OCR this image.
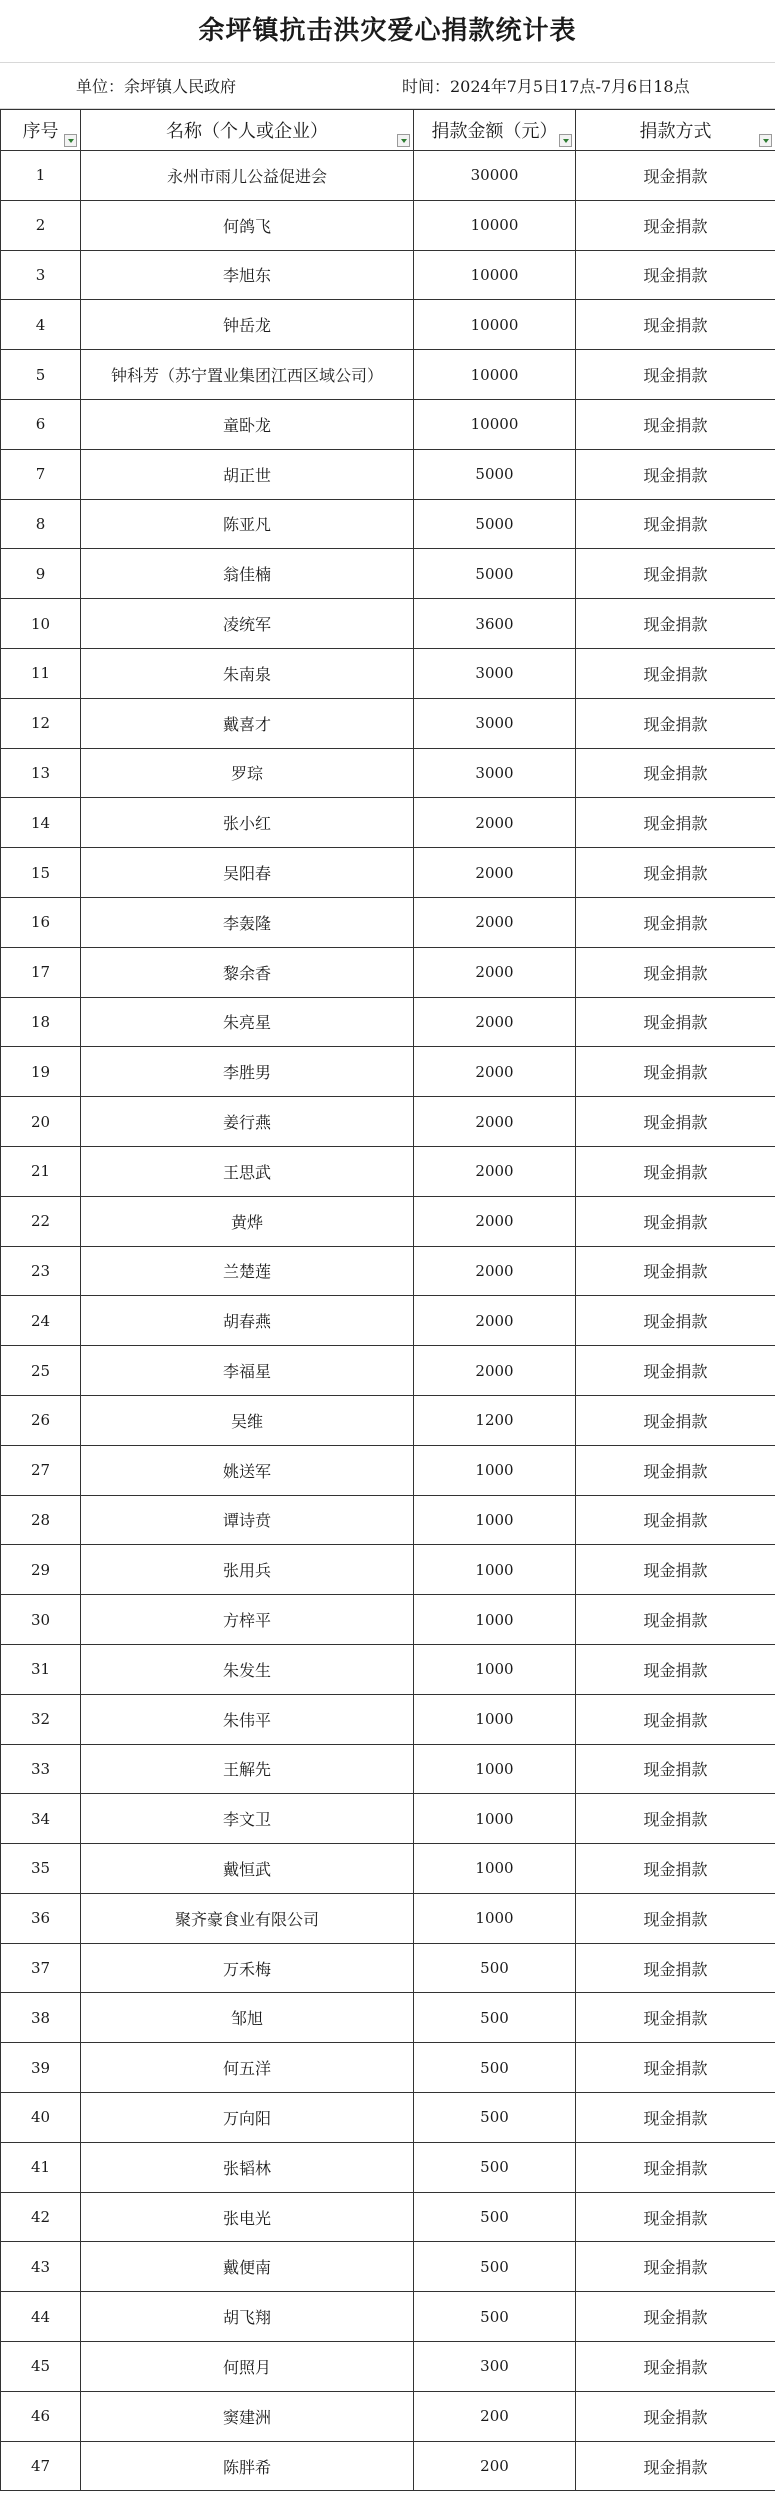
余坪镇抗击洪灾爱心捐款统计表
单位：余坪镇人民政府	时间：2024年7月5日17点-7月6日18点
序号	名称（个人或企业）	捐款金额（元）	捐款方式

1	永州市雨儿公益促进会	30000	现金捐款
2	何鸽飞	10000	现金捐款
3	李旭东	10000	现金捐款
4	钟岳龙	10000	现金捐款
5	钟科芳（苏宁置业集团江西区域公司）	10000	现金捐款
6	童卧龙	10000	现金捐款
7	胡正世	5000	现金捐款
8	陈亚凡	5000	现金捐款
9	翁佳楠	5000	现金捐款
10	凌统军	3600	现金捐款
11	朱南泉	3000	现金捐款
12	戴喜才	3000	现金捐款
13	罗琮	3000	现金捐款
14	张小红	2000	现金捐款
15	吴阳春	2000	现金捐款
16	李轰隆	2000	现金捐款
17	黎余香	2000	现金捐款
18	朱亮星	2000	现金捐款
19	李胜男	2000	现金捐款
20	姜行燕	2000	现金捐款
21	王思武	2000	现金捐款
22	黄烨	2000	现金捐款
23	兰楚莲	2000	现金捐款
24	胡春燕	2000	现金捐款
25	李福星	2000	现金捐款
26	吴维	1200	现金捐款
27	姚送军	1000	现金捐款
28	谭诗贲	1000	现金捐款
29	张用兵	1000	现金捐款
30	方梓平	1000	现金捐款
31	朱发生	1000	现金捐款
32	朱伟平	1000	现金捐款
33	王解先	1000	现金捐款
34	李文卫	1000	现金捐款
35	戴恒武	1000	现金捐款
36	聚齐豪食业有限公司	1000	现金捐款
37	万禾梅	500	现金捐款
38	邹旭	500	现金捐款
39	何五洋	500	现金捐款
40	万向阳	500	现金捐款
41	张韬林	500	现金捐款
42	张电光	500	现金捐款
43	戴便南	500	现金捐款
44	胡飞翔	500	现金捐款
45	何照月	300	现金捐款
46	窦建洲	200	现金捐款
47	陈胖希	200	现金捐款
